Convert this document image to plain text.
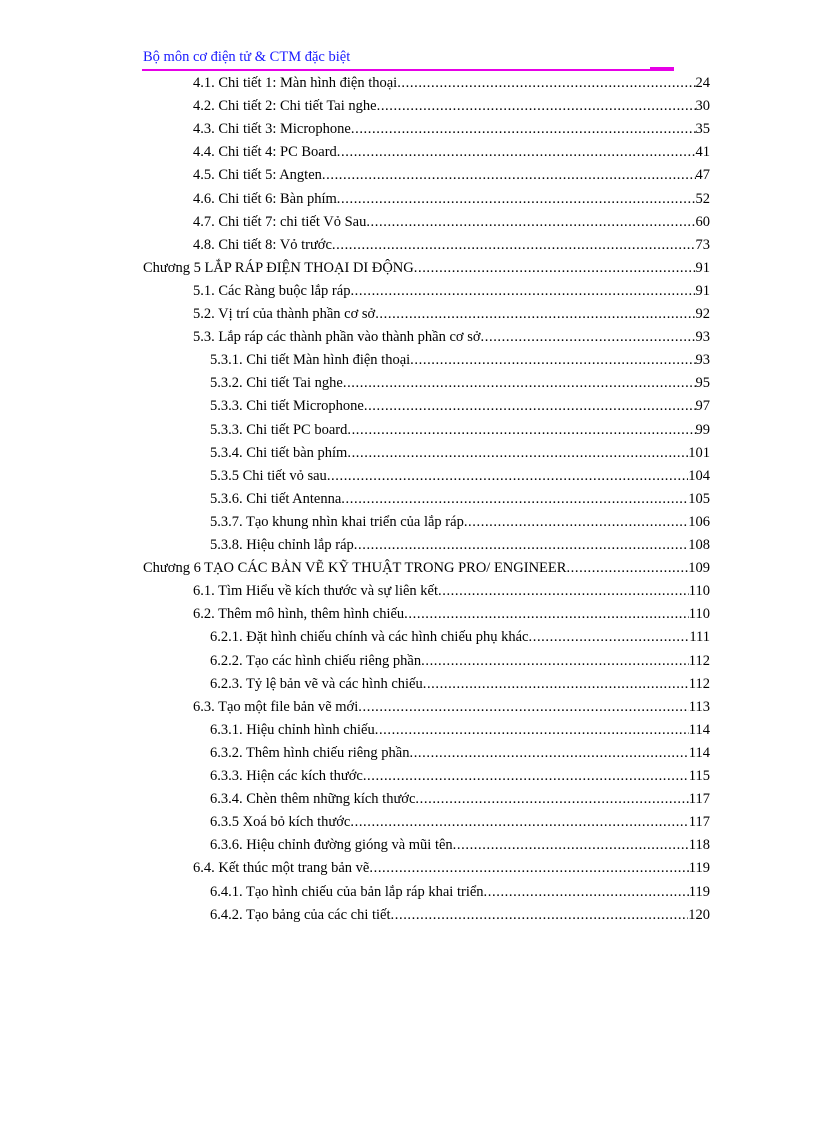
Bộ môn cơ điện tử & CTM đặc biệt
4.1. Chi tiết 1: Màn hình điện thoại .....	24
4.2. Chi tiết 2: Chi tiết Tai nghe .....	30
4.3. Chi tiết 3: Microphone .....	35
4.4. Chi tiết 4: PC Board .....	41
4.5. Chi tiết 5: Angten .....	47
4.6. Chi tiết 6: Bàn phím .....	52
4.7. Chi tiết 7: chi tiết Vỏ Sau .....	60
4.8. Chi tiết 8: Vỏ trước .....	73
Chương 5 LẮP RÁP ĐIỆN THOẠI DI ĐỘNG .....	91
5.1. Các Ràng buộc lắp ráp .....	91
5.2. Vị trí của thành phần cơ sở .....	92
5.3. Lắp ráp các thành phần vào thành phần cơ sở .....	93
5.3.1. Chi tiết Màn hình điện thoại .....	93
5.3.2. Chi tiết Tai nghe .....	95
5.3.3. Chi tiết Microphone .....	97
5.3.3. Chi tiết PC board .....	99
5.3.4. Chi tiết bàn phím .....	101
5.3.5 Chi tiết vỏ sau .....	104
5.3.6. Chi tiết Antenna .....	105
5.3.7. Tạo khung nhìn khai triển của lắp ráp .....	106
5.3.8. Hiệu chỉnh lắp ráp .....	108
Chương 6 TẠO CÁC BẢN VẼ KỸ THUẬT TRONG PRO/ ENGINEER .....	109
6.1. Tìm Hiểu về kích thước và sự liên kết .....	110
6.2. Thêm mô hình, thêm hình chiếu .....	110
6.2.1. Đặt hình chiếu chính và các hình chiếu phụ khác .....	111
6.2.2. Tạo các hình chiếu riêng phần .....	112
6.2.3. Tỷ lệ bản vẽ và các hình chiếu .....	112
6.3. Tạo một file bản vẽ mới .....	113
6.3.1. Hiệu chỉnh hình chiếu .....	114
6.3.2. Thêm hình chiếu riêng phần .....	114
6.3.3. Hiện các kích thước .....	115
6.3.4. Chèn thêm những kích thước .....	117
6.3.5 Xoá bỏ kích thước .....	117
6.3.6. Hiệu chỉnh đường gióng và mũi tên .....	118
6.4. Kết thúc một trang bản vẽ .....	119
6.4.1. Tạo hình chiếu của bản lắp ráp khai triển .....	119
6.4.2. Tạo bảng của các chi tiết .....	120
